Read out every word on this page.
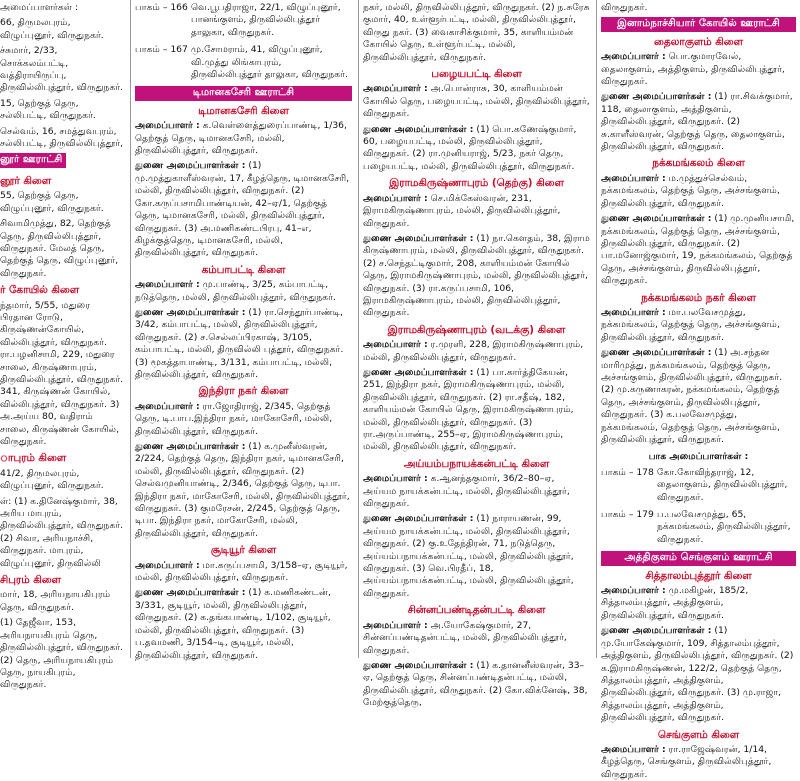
அமைப்பாளர்கள் :

66, திருமலபுரம், விழுப்புனூர், விருதுநகர்.

ச்சுமார், 2/33, சொக்கலம்பட்டி, வத்திராயிருப்பு, திருவில்லிபுத்தூர், விருதுநகர்.

15, தெற்குத் தெரு, சல்லிபட்டி, விருதுநகர்.

செல்வம், 16, சமத்துவபுரம், சல்லிபட்டி, திருவில்லிபுத்தூர்,

னூர் ஊராட்சி
னூர் கிளை

55, தெற்குத் தெரு, விழுப்புனூர், விருதுநகர்.

சிவாமிமுத்து, 82, தெற்குத் தெரு, திருவில்லிபுத்தூர், விருதுநகர். மேலத் தெரு, தெற்குத் தெரு, விழுப்புனூர், விருதுநகர்.

ர் கோயில் கிளை

ந்தமார், 5/55, மதுரை பிரதான ரோடு, கிருஷ்ணன்கோயில், வில்லிபுத்தூர், விருதுநகர். ரா.பழனிசாமி, 229, மதுரை சாலை, கிருஷ்ணாபுரம், திருவில்லிபுத்தூர், விருதுநகர். 341, கிருஷ்ணன் கோயில், வில்லிபுத்தூர், விருதுநகர். 3) அ.அய்ய 80, வதிராம் சாலை, கிருஷ்ணன் கோயில், விருதுநகர்.

ாபுரம் கிளை

41/2, திருமலபுரம், விழுப்புனூர், விருதுநகர்.

ள்: (1) க.தினேஷ்குமார், 38, அரிய மாபுரம், திருவில்லிபுத்தூர், விருதுநகர். (2) சிவா, அரியநாச்சி, விருதுநகர். மாபுரம், விழுப்புனூர், திருவில்லி

சிபுரம் கிளை

மார், 18, அரியநாயகிபுரம் தெரு, விருதுநகர்.

(1) தேஜீவா, 153, அரியநாயகிபுரம் தெரு, திருவில்லிபுத்தூர், விருதுநகர். (2) தெரு, அரியநாயகிபுரம் தெரு, நாயகிபுரம், விருதுநகர்.

பாகம் – 166 வெ.பூபதிராஜா, 22/1, விழுப்புனூர், பானங்குளம், திருவில்லிபுத்தூர் தாலுகா, விருதுநகர்.
பாகம் – 167 மு.சோமராம், 41, விழுப்புனூர், வி.முத்து லிங்காபுரம், திருவில்லிபுத்தூர் தாலுகா, விருதுநகர்.
டிமானகசேரி ஊராட்சி
டிமானகசேரி கிளை

அமைப்பாளர் : க.வெள்ளைத்துரைப்பாண்டி, 1/36, தெற்குத் தெரு, டிமானகசேரி, மல்லி, திருவில்லிபுத்தூர், விருதுநகர்.

துணை அமைப்பாளர்கள் : (1) மு.முத்துகாளீஸ்வரன், 17, கீழத்தெரு, டிமானகசேரி, மல்லி, திருவில்லிபுத்தூர், விருதுநகர். (2) கோ.கருப்பசாமிபாண்டியன், 42–ஏ/1, தெற்குத் தெரு, டிமானகசேரி, மல்லி, திருவில்லிபுத்தூர், விருதுநகர். (3) அ.மணிகண்டபிரபு, 41–எ, கிழக்குத்தெரு, டிமானகசேரி, மல்லி, திருவில்லிபுத்தூர், விருதுநகர்.

கம்பாபட்டி கிளை

அமைப்பாளர் : மு.பாண்டி, 3/25, கம்பாபட்டி, நடுத்தெரு, மல்லி, திருவில்லிபுத்தூர், விருதுநகர்.

துணை அமைப்பாளர்கள் : (1) ரா.செந்தூர்பாண்டி, 3/42, கம்பாபட்டி, மல்லி, திருவில்லிபுத்தூர், விருதுநகர். (2) ச.செல்லப்பிரகாஷ், 3/105, கம்பாபட்டி, மல்லி, திருவில்லி புத்தூர், விருதுநகர். (3) மூகத்தாபாண்டி, 3/131, கம்பாபட்டி, மல்லி, திருவில்லிபுத்தூர், விருதுநகர்.

இந்திரா நகர் கிளை

அமைப்பாளர் : ரா.ஜோதிராஜ், 2/345, தெற்குத் தெரு, டி.பாப.இந்திரா நகர், மாகோசேரி, மல்லி, திருவில்லிபுத்தூர், விருதுநகர்.

துணை அமைப்பாளர்கள் : (1) க.முனீஸ்வரன், 2/224, தெற்குத் தெரு, இந்திரா நகர், டிமானகசேரி, மல்லி, திருவில்லிபுத்தூர், விருதுநகர். (2) செல்வமுனியாண்டி, 2/346, தெற்குத் தெரு, டிபா. இந்திரா நகர், மாகோசேரி, மல்லி, திருவில்லிபுத்தூர், விருதுநகர். (3) குமரேசன், 2/245, தெற்குத் தெரு, டிபா. இந்திரா நகர், மாகோசேரி, மல்லி, திருவில்லிபுத்தூர், விருதுநகர்.

சூடியூர் கிளை

அமைப்பாளர் : மா.கருப்பசாமி, 3/158–ஏ, சூடியூர், மல்லி, திருவில்லிபுத்தூர், விருதுநகர்.

துணை அமைப்பாளர்கள் : (1) க.மணிகண்டன், 3/331, சூடியூர், மல்லி, திருவில்லிபுத்தூர், விருதுநகர். (2) க.தங்கபாண்டி, 1/102, சூடியூர், மல்லி, திருவில்லிபுத்தூர், விருதுநகர். (3) ப.தவமணி, 3/154–டி, சூடியூர், மல்லி, திருவில்லிபுத்தூர், விருதுநகர்.

நகர், மல்லி, திருவில்லிபுத்தூர், விருதுநகர். (2) ந.சுரேசு குமார், 40, உள்ளூர்பட்டி, மல்லி, திருவில்லிபுத்தூர், விருது நகர். (3) வைகாசிக்குமார், 35, காளியம்மன் கோயில் தெரு, உள்ளூர்பட்டி, மல்லி, திருவில்லிபுத்தூர், விருதுநகர்.

பழையபட்டி கிளை

அமைப்பாளர் : அ.பொன்ராசு, 30, காளியம்மன் கோயில் தெரு, பழையபட்டி, மல்லி, திருவில்லிபுத்தூர், விருதுநகர்.

துணை அமைப்பாளர்கள் : (1) பொ.கணேஷ்குமார், 60, பழையபட்டி, மல்லி, திருவில்லிபுத்தூர், விருதுநகர். (2) ரா.முனியராஜ், 5/23, நகர் தெரு, பழையபட்டி, மல்லி, திருவில்லிபுத்தூர், விருதுநகர்.

இராமகிருஷ்ணாபுரம் (தெற்கு) கிளை

அமைப்பாளர் : செ.மிக்கேஸ்வரன், 231, இராமகிருஷ்ணாபுரம், மல்லி, திருவில்லிபுத்தூர், விருதுநகர்.

துணை அமைப்பாளர்கள் : (1) நா.கௌதம், 38, இராம கிருஷ்ணாபுரம், மல்லி, திருவில்லிபுத்தூர், விருதுநகர். (2) ச.செந்தட்டிகுமார், 208, காளியம்மன் கோயில் தெரு, இராமகிருஷ்ணாபுரம், மல்லி, திருவில்லிபுத்தூர், விருதுநகர். (3) ரா.கருப்பசாமி, 106, இராமகிருஷ்ணாபுரம், மல்லி, திருவில்லிபுத்தூர், விருதுநகர்.

இராமகிருஷ்ணாபுரம் (வடக்கு) கிளை

அமைப்பாளர் : ர.முரளி, 228, இராமகிருஷ்ணாபுரம், மல்லி, திருவில்லிபுத்தூர், விருதுநகர்.

துணை அமைப்பாளர்கள் : (1) பா.கார்த்திகேயன், 251, இந்திரா நகர், இராமகிருஷ்ணாபுரம், மல்லி, திருவில்லிபுத்தூர், விருதுநகர். (2) ரா.சதீஷ், 182, காளியம்மன் கோயில் தெரு, இராமகிருஷ்ணாபுரம், மல்லி, திருவில்லிபுத்தூர், விருதுநகர். (3) ரா.அருப்பாண்டி, 255–ஏ, இராமகிருஷ்ணாபுரம், மல்லி, திருவில்லிபுத்தூர், விருதுநகர்.

அய்யம்பநாயக்கன்பட்டி கிளை

அமைப்பாளர் : க.ஆனந்தகுமார், 36/2–80–ஏ, அய்யம நாயக்கன்பட்டி, மல்லி, திருவில்லிபுத்தூர், விருதுநகர்.

துணை அமைப்பாளர்கள் : (1) நாராயணன், 99, அய்யம நாயக்கன்பட்டி, மல்லி, திருவில்லிபுத்தூர், விருதுநகர். (2) கு.உதேந்திரன், 71, நடுத்தெரு, அய்யம்பநாயக்கன்பட்டி, மல்லி, திருவில்லிபுத்தூர், விருதுநகர். (3) வெ.பிரதீப், 18, அய்யம்பநாயக்கன்பட்டி, மல்லி, திருவில்லிபுத்தூர், விருதுநகர்.

சின்னப்பண்டிதன்பட்டி கிளை

அமைப்பாளர் : அ.யோகேஷ்குமார், 27, சின்னப்பண்டிதன்பட்டி, மல்லி, திருவில்லிபுத்தூர், விருதுநகர்.

துணை அமைப்பாளர்கள் : (1) க.தானனீஸ்வரன், 33–ஏ, தெற்குத் தெரு, சின்னப்பண்டிதன்பட்டி, மல்லி, திருவில்லிபுத்தூர், விருதுநகர். (2) கோ.விக்னேஷ், 38, மேற்குத்தெரு,

விருதுநகர்.

இனாம்நாச்சியார் கோயில் ஊராட்சி
தைலாகுளம் கிளை

அமைப்பாளர் : பொ.குமாரவேல், தைலாகுளம், அத்திகுளம், திருவில்லிபுத்தூர், விருதுநகர்.

துணை அமைப்பாளர்கள் : (1) ரா.சிவக்குமார், 118, தைலாகுளம், அத்திகுளம், திருவில்லிபுத்தூர், விருதுநகர். (2) சு.காளீஸ்வரன், தெற்குத் தெரு, தைலாகுளம், திருவில்லிபுத்தூர், விருதுநகர்.

நக்கமங்கலம் கிளை

அமைப்பாளர் : ம.முத்துச்செல்வம், நக்கமங்கலம், தெற்குத் தெரு, அச்சங்குளம், திருவில்லிபுத்தூர், விருதுநகர்.

துணை அமைப்பாளர்கள் : (1) மு.முனியசாமி, நக்கமங்கலம், தெற்குத் தெரு, அச்சங்குளம், திருவில்லிபுத்தூர், விருதுநகர். (2) பா.மனோஜ்குமார், 19, நக்கமங்கலம், தெற்குத் தெரு, அச்சங்குளம், திருவில்லிபுத்தூர், விருதுநகர்.

நக்கமங்கலம் நகர் கிளை

அமைப்பாளர் : மா.பலவேசமுத்து, நக்கமங்கலம், தெற்குத் தெரு, அச்சங்குளம், திருவில்லிபுத்தூர், விருதுநகர்.

துணை அமைப்பாளர்கள் : (1) அ.சந்தன மாரிமுத்து, நக்கமங்கலம், தெற்குத் தெரு, அச்சங்குளம், திருவில்லிபுத்தூர், விருதுநகர். (2) மு.கருணாகரன், நக்கமங்கலம், தெற்குத் தெரு, அச்சங்குளம், திருவில்லிபுத்தூர், விருதுநகர். (3) க.பலவேசமுத்து, நக்கமங்கலம், தெற்குத் தெரு, அச்சங்குளம், திருவில்லிபுத்தூர், விருதுநகர்.

பாக அமைப்பாளர்கள் :

பாகம் – 178 கோ.கோவிந்தராஜ், 12, தைலாகுளம், திருவில்லிபுத்தூர், விருதுநகர்.
பாகம் – 179 ப.பலவேசமுத்து, 65, நக்கமங்கலம், திருவில்லிபுத்தூர், விருதுநகர்.
அத்திகுளம் செங்குளம் ஊராட்சி
சித்தாலம்புத்தூர் கிளை

அமைப்பாளர் : மு.மகிழன், 185/2, சித்தாலம்புத்தூர், அத்திகுளம், திருவில்லிபுத்தூர், விருதுநகர்.

துணை அமைப்பாளர்கள் : (1) மு.யோகேஷ்குமார், 109, சித்தாலம்புத்தூர், அத்திகுளம், திருவில்லிபுத்தூர், விருதுநகர். (2) க.இராமகிருஷ்ணன், 122/2, தெற்குத் தெரு, சித்தாலம்புத்தூர், அத்திகுளம், திருவில்லிபுத்தூர், விருதுநகர். (3) மு.ராஜா, சித்தாலம்புத்தூர், அத்திகுளம், திருவில்லிபுத்தூர், விருதுநகர்.

செங்குளம் கிளை

அமைப்பாளர் : ரா.ராஜேஷ்வரன், 1/14, கீழத்தெரு, செங்குளம், திருவில்லிபுத்தூர், விருதுநகர்.
